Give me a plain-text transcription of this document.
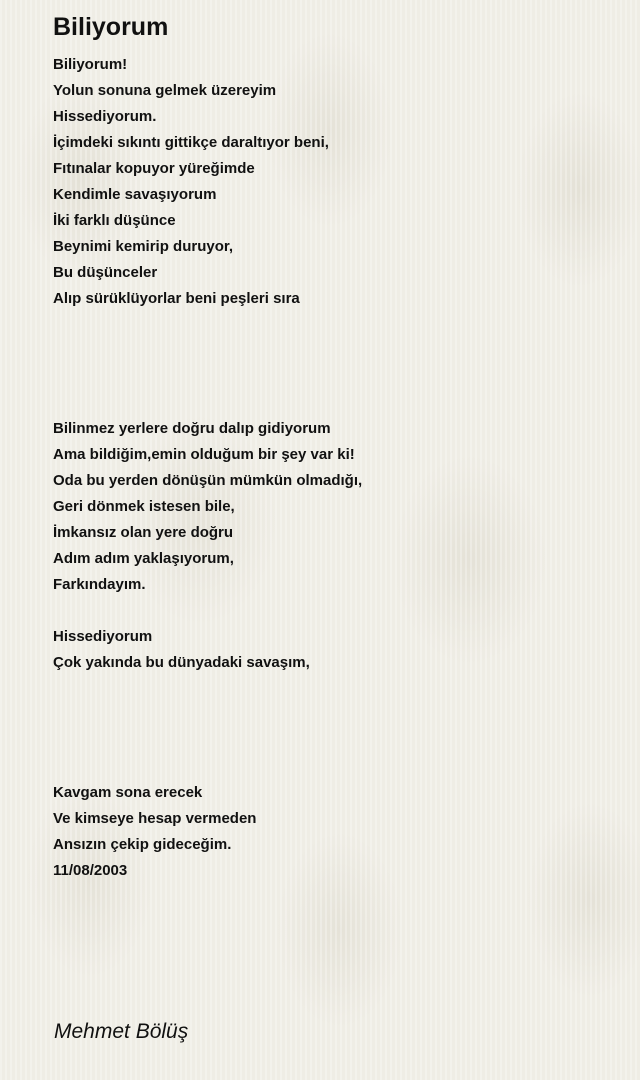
Biliyorum
Biliyorum!
Yolun sonuna gelmek üzereyim
Hissediyorum.
İçimdeki sıkıntı gittikçe daraltıyor beni,
Fıtınalar kopuyor yüreğimde
Kendimle savaşıyorum
İki farklı düşünce
Beynimi kemirip duruyor,
Bu düşünceler
Alıp sürüklüyorlar beni peşleri sıra
Bilinmez yerlere doğru dalıp gidiyorum
Ama bildiğim,emin olduğum bir şey var ki!
Oda bu yerden dönüşün mümkün olmadığı,
Geri dönmek istesen bile,
İmkansız olan yere doğru
Adım adım yaklaşıyorum,
Farkındayım.
Hissediyorum
Çok yakında bu dünyadaki savaşım,
Kavgam sona erecek
Ve kimseye hesap vermeden
Ansızın çekip gideceğim.
11/08/2003
Mehmet Bölüş
